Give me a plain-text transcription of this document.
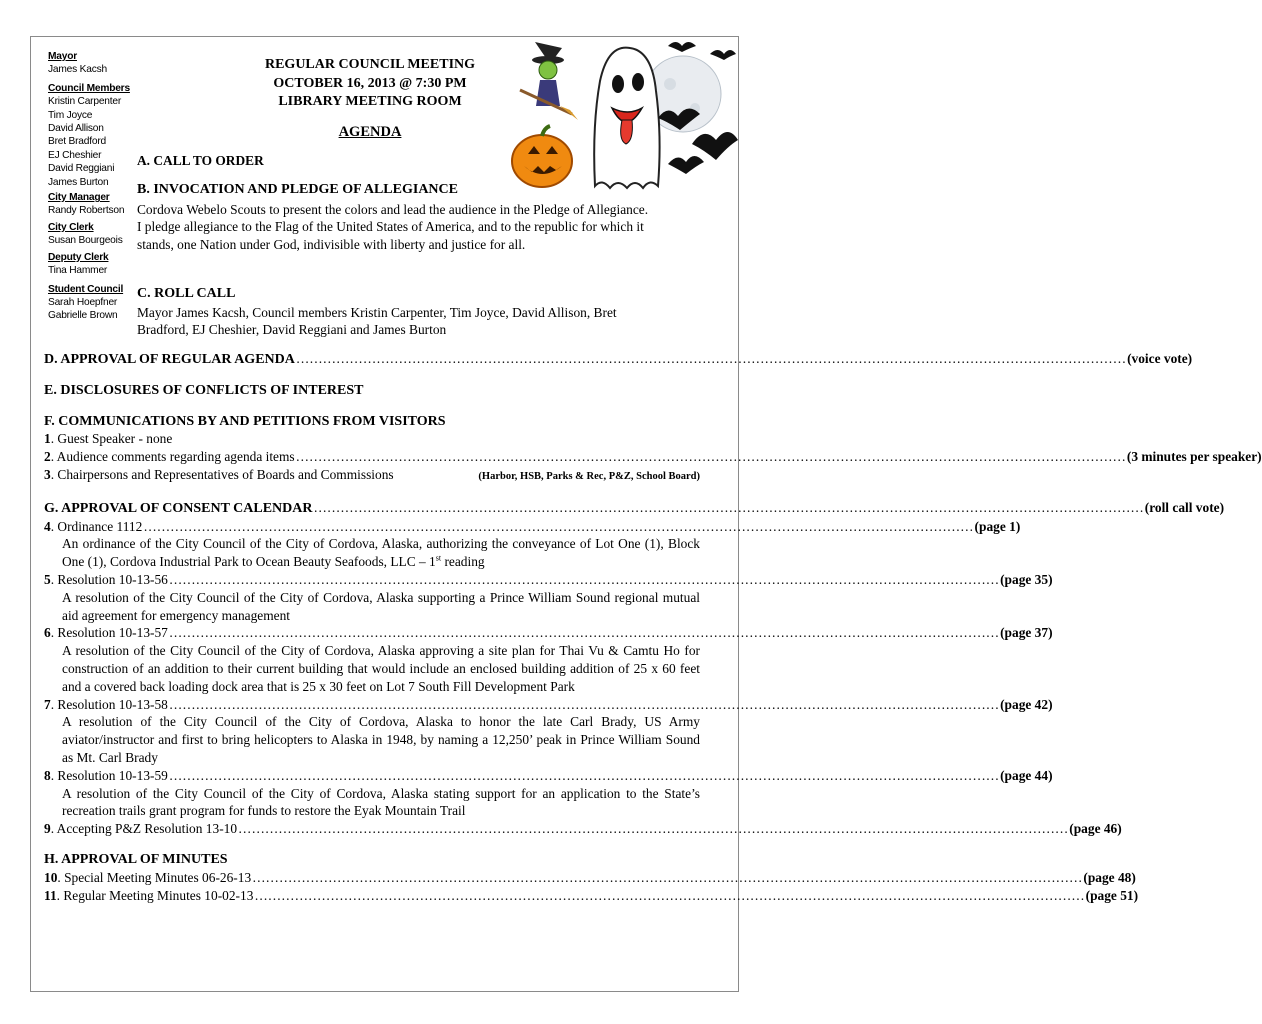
Mayor
James Kacsh
Council Members
Kristin Carpenter
Tim Joyce
David Allison
Bret Bradford
EJ Cheshier
David Reggiani
James Burton
City Manager
Randy Robertson
City Clerk
Susan Bourgeois
Deputy Clerk
Tina Hammer
Student Council
Sarah Hoepfner
Gabrielle Brown
REGULAR COUNCIL MEETING
OCTOBER 16, 2013 @ 7:30 PM
LIBRARY MEETING ROOM
AGENDA
A. CALL TO ORDER
B. INVOCATION AND PLEDGE OF ALLEGIANCE
Cordova Webelo Scouts to present the colors and lead the audience in the Pledge of Allegiance.
I pledge allegiance to the Flag of the United States of America, and to the republic for which it stands, one Nation under God, indivisible with liberty and justice for all.
C. ROLL CALL
Mayor James Kacsh, Council members Kristin Carpenter, Tim Joyce, David Allison, Bret Bradford, EJ Cheshier, David Reggiani and James Burton
D. APPROVAL OF REGULAR AGENDA …………………………………………………………………………………………………………………………………………………………………… (voice vote)
E. DISCLOSURES OF CONFLICTS OF INTEREST
F. COMMUNICATIONS BY AND PETITIONS FROM VISITORS
1. Guest Speaker - none
2. Audience comments regarding agenda items …………………………………………………………………………………………………………………………………………………………………… (3 minutes per speaker)
3. Chairpersons and Representatives of Boards and Commissions	(Harbor, HSB, Parks & Rec, P&Z, School Board)
G. APPROVAL OF CONSENT CALENDAR …………………………………………………………………………………………………………………………………………………………………… (roll call vote)
4. Ordinance 1112 …………………………………………………………………………………………………………………………………………………………………… (page 1)
An ordinance of the City Council of the City of Cordova, Alaska, authorizing the conveyance of Lot One (1), Block One (1), Cordova Industrial Park to Ocean Beauty Seafoods, LLC – 1st reading
5. Resolution 10-13-56 …………………………………………………………………………………………………………………………………………………………………… (page 35)
A resolution of the City Council of the City of Cordova, Alaska supporting a Prince William Sound regional mutual aid agreement for emergency management
6. Resolution 10-13-57 …………………………………………………………………………………………………………………………………………………………………… (page 37)
A resolution of the City Council of the City of Cordova, Alaska approving a site plan for Thai Vu & Camtu Ho for construction of an addition to their current building that would include an enclosed building addition of 25 x 60 feet and a covered back loading dock area that is 25 x 30 feet on Lot 7 South Fill Development Park
7. Resolution 10-13-58 …………………………………………………………………………………………………………………………………………………………………… (page 42)
A resolution of the City Council of the City of Cordova, Alaska to honor the late Carl Brady, US Army aviator/instructor and first to bring helicopters to Alaska in 1948, by naming a 12,250’ peak in Prince William Sound as Mt. Carl Brady
8. Resolution 10-13-59 …………………………………………………………………………………………………………………………………………………………………… (page 44)
A resolution of the City Council of the City of Cordova, Alaska stating support for an application to the State’s recreation trails grant program for funds to restore the Eyak Mountain Trail
9. Accepting P&Z Resolution 13-10 …………………………………………………………………………………………………………………………………………………………………… (page 46)
H. APPROVAL OF MINUTES
10. Special Meeting Minutes 06-26-13 …………………………………………………………………………………………………………………………………………………………………… (page 48)
11. Regular Meeting Minutes 10-02-13 …………………………………………………………………………………………………………………………………………………………………… (page 51)
